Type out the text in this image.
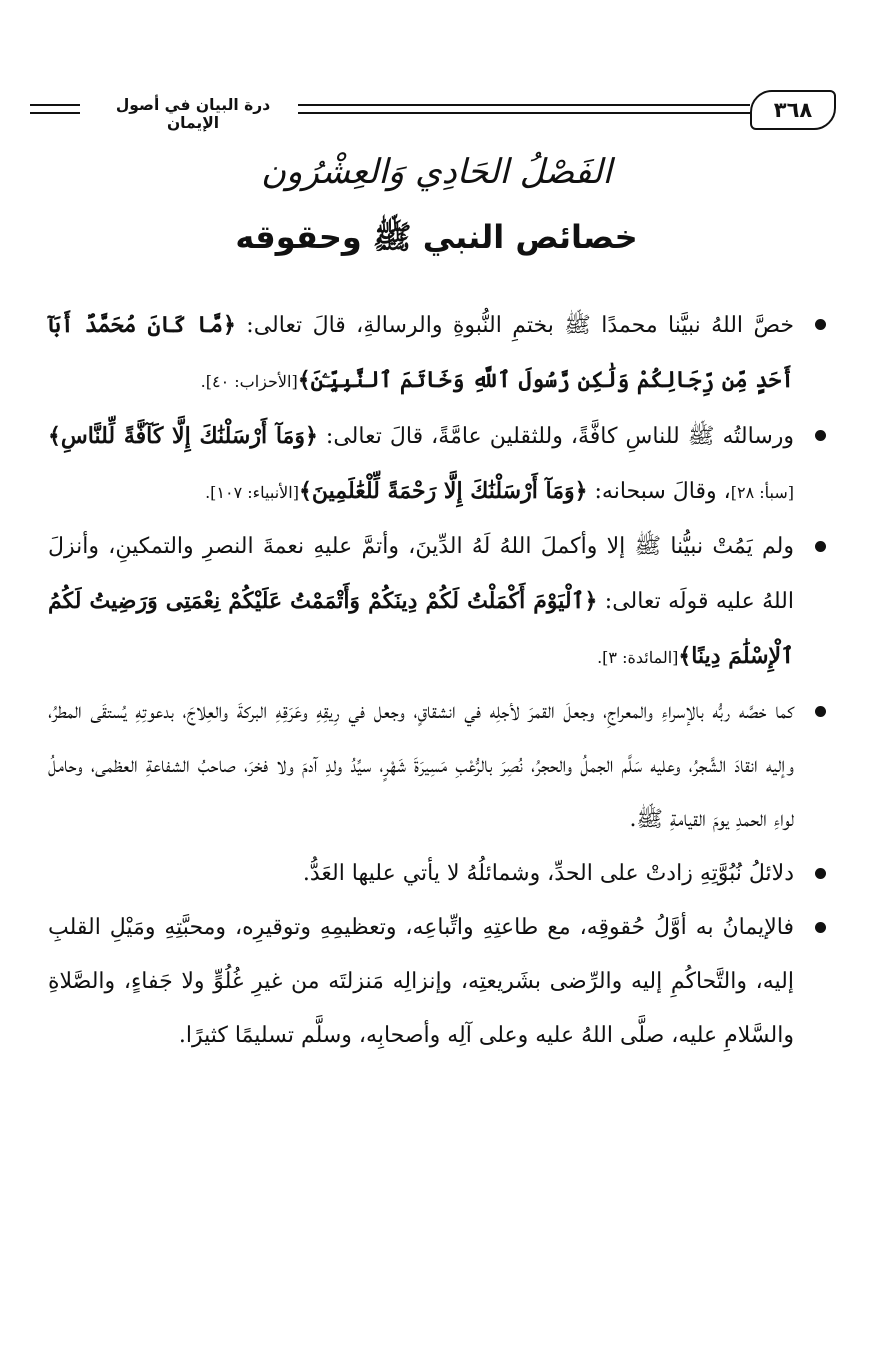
درة البيان في أصول الإيمان
٣٦٨
الفَصْلُ الحَادِي وَالعِشْرُون
خصائص النبي ﷺ وحقوقه
خصَّ اللهُ نبيَّنا محمدًا ﷺ بختمِ النُّبوةِ والرسالةِ، قالَ تعالى: ﴿مَّا كَانَ مُحَمَّدٌ أَبَآ أَحَدٍ مِّن رِّجَالِكُمْ وَلَٰكِن رَّسُولَ ٱللَّهِ وَخَاتَمَ ٱلنَّبِيِّـۧنَ﴾[الأحزاب: ٤٠].
ورسالتُه ﷺ للناسِ كافَّةً، وللثقلين عامَّةً، قالَ تعالى: ﴿وَمَآ أَرْسَلْنَٰكَ إِلَّا كَآفَّةً لِّلنَّاسِ﴾[سبأ: ٢٨]، وقالَ سبحانه: ﴿وَمَآ أَرْسَلْنَٰكَ إِلَّا رَحْمَةً لِّلْعَٰلَمِينَ﴾[الأنبياء: ١٠٧].
ولم يَمُتْ نبيُّنا ﷺ إلا وأكملَ اللهُ لَهُ الدِّينَ، وأتمَّ عليهِ نعمةَ النصرِ والتمكينِ، وأنزلَ اللهُ عليه قولَه تعالى: ﴿ٱلْيَوْمَ أَكْمَلْتُ لَكُمْ دِينَكُمْ وَأَتْمَمْتُ عَلَيْكُمْ نِعْمَتِى وَرَضِيتُ لَكُمُ ٱلْإِسْلَٰمَ دِينًا﴾[المائدة: ٣].
كما خصَّه ربُّه بالإسراءِ والمعراجِ، وجعلَ القمرَ لأجلِه في انشقاقٍ، وجعل في رِيقِهِ وعَرَقِهِ البركةَ والعِلاجَ، بدعوتِهِ يُستقَى المطرُ، وإليه انقادَ الشَّجرُ، وعليه سَلَّم الجملُ والحجرُ، نُصِرَ بالرُّعْبِ مَسِيرَةَ شَهْرٍ، سيِّدُ ولدِ آدمَ ولا فخرَ، صاحبُ الشفاعةِ العظمى، وحاملُ لواءِ الحمدِ يومَ القيامةِ ﷺ.
دلائلُ نُبُوَّتِهِ زادتْ على الحدِّ، وشمائلُهُ لا يأتي عليها العَدُّ.
فالإيمانُ به أوَّلُ حُقوقِه، مع طاعتِهِ واتِّباعِه، وتعظيمِهِ وتوقيرِه، ومحبَّتِهِ ومَيْلِ القلبِ إليه، والتَّحاكُمِ إليه والرِّضى بشَريعتِه، وإنزالِه مَنزلتَه من غيرِ غُلُوٍّ ولا جَفاءٍ، والصَّلاةِ والسَّلامِ عليه، صلَّى اللهُ عليه وعلى آلِه وأصحابِه، وسلَّم تسليمًا كثيرًا.
